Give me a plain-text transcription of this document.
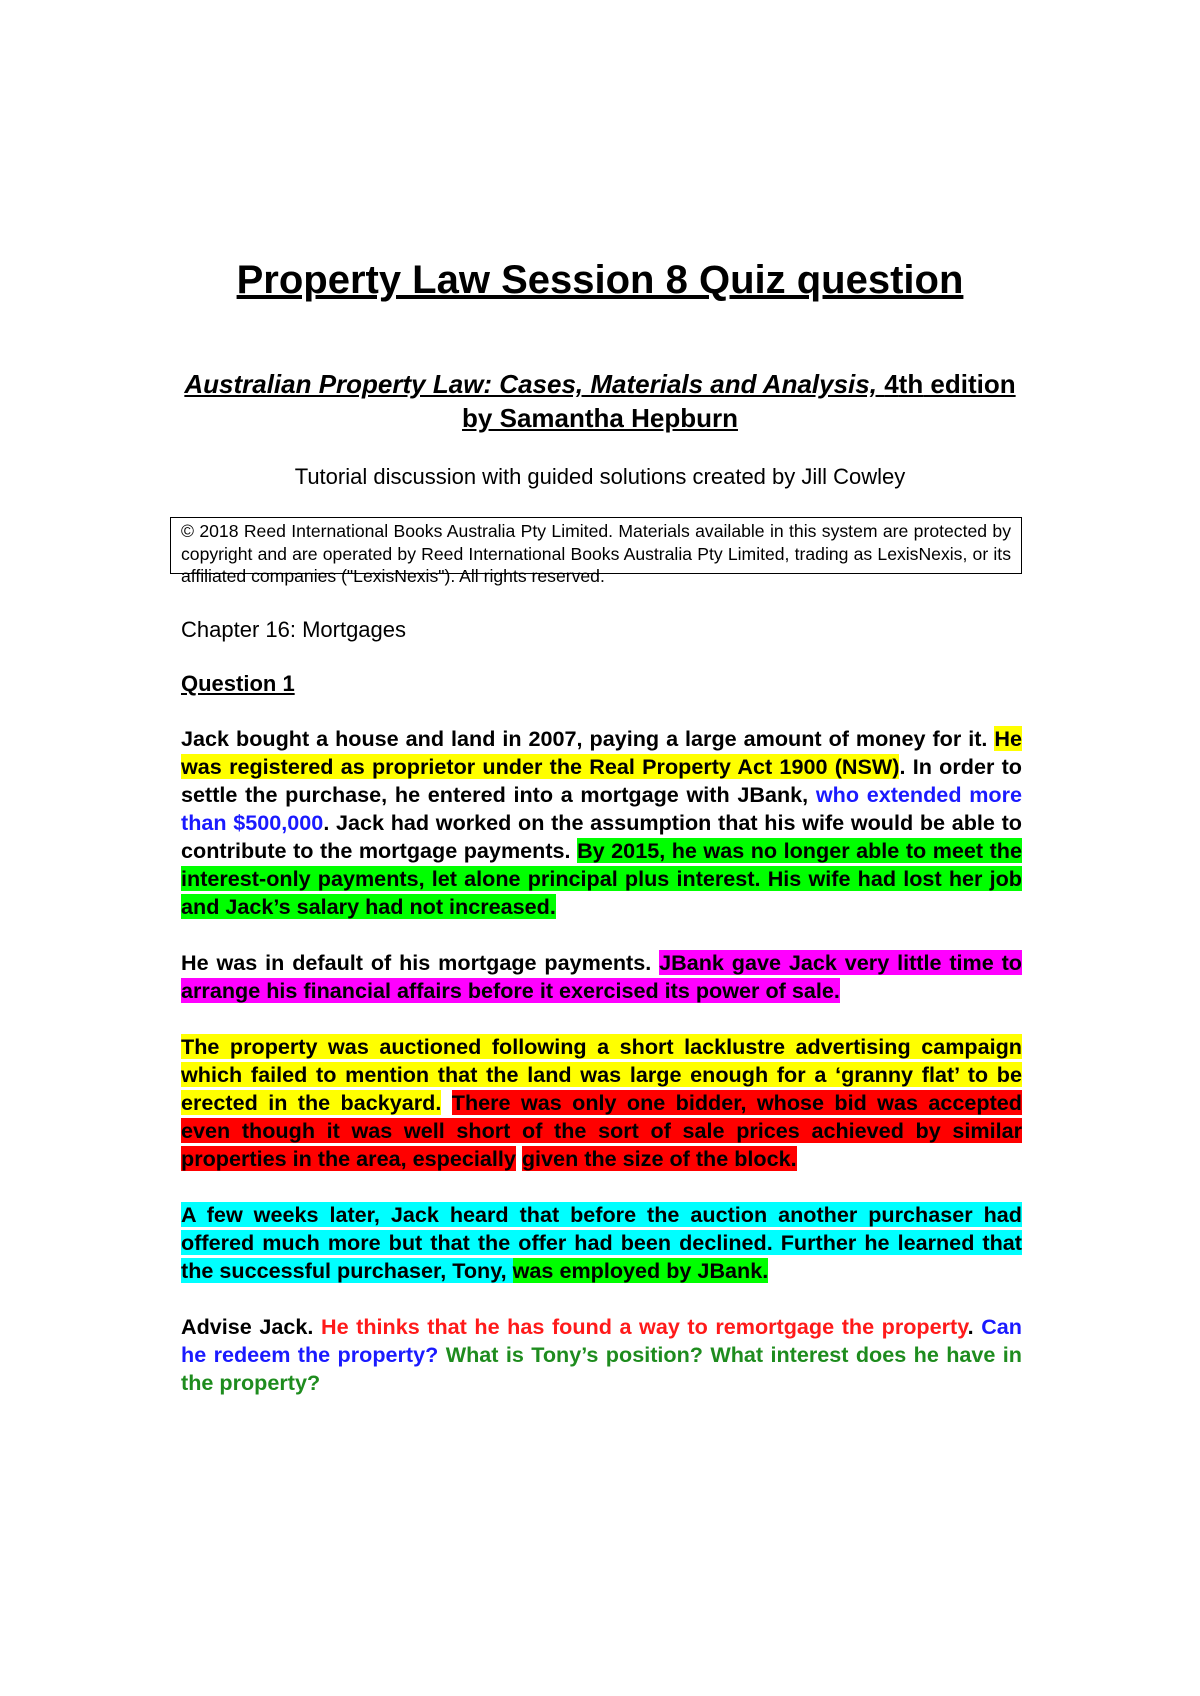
Property Law Session 8 Quiz question
Australian Property Law: Cases, Materials and Analysis, 4th edition by Samantha Hepburn
Tutorial discussion with guided solutions created by Jill Cowley
© 2018 Reed International Books Australia Pty Limited. Materials available in this system are protected by copyright and are operated by Reed International Books Australia Pty Limited, trading as LexisNexis, or its affiliated companies ("LexisNexis"). All rights reserved.

Chapter 16: Mortgages

Question 1

Jack bought a house and land in 2007, paying a large amount of money for it. He was registered as proprietor under the Real Property Act 1900 (NSW). In order to settle the purchase, he entered into a mortgage with JBank, who extended more than $500,000. Jack had worked on the assumption that his wife would be able to contribute to the mortgage payments. By 2015, he was no longer able to meet the interest-only payments, let alone principal plus interest. His wife had lost her job and Jack’s salary had not increased.

He was in default of his mortgage payments. JBank gave Jack very little time to arrange his financial affairs before it exercised its power of sale.

The property was auctioned following a short lacklustre advertising campaign which failed to mention that the land was large enough for a ‘granny flat’ to be erected in the backyard. There was only one bidder, whose bid was accepted even though it was well short of the sort of sale prices achieved by similar properties in the area, especially given the size of the block.

A few weeks later, Jack heard that before the auction another purchaser had offered much more but that the offer had been declined. Further he learned that the successful purchaser, Tony, was employed by JBank.

Advise Jack. He thinks that he has found a way to remortgage the property. Can he redeem the property? What is Tony’s position? What interest does he have in the property?
